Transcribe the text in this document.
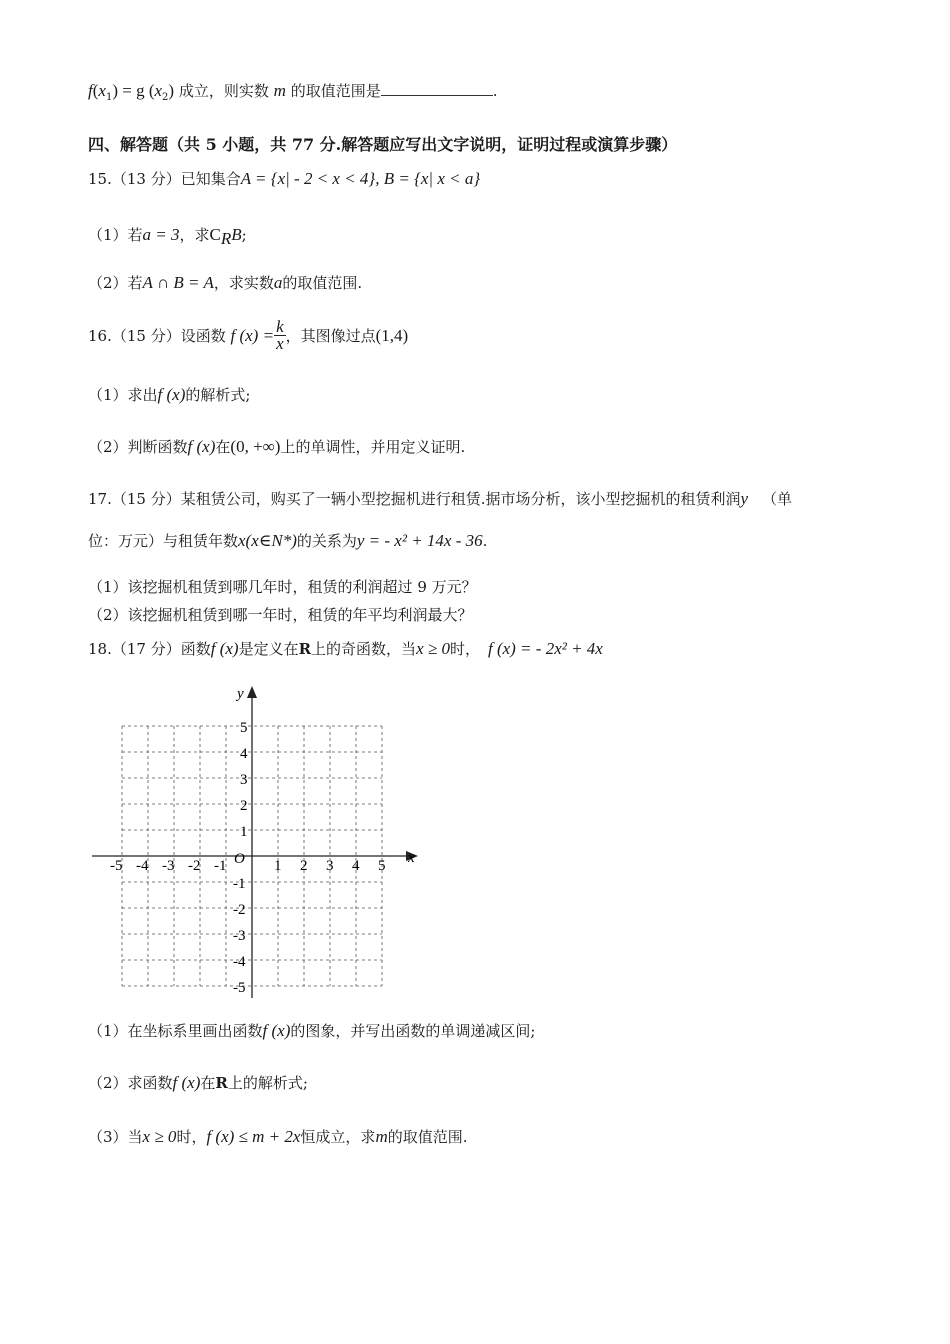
$f(x_1) = g$ $(x_2)$ 成立，则实数 m 的取值范围是	.
四、解答题（共 5 小题，共 77 分.解答题应写出文字说明，证明过程或演算步骤）
15.（13 分）已知集合A = {x| - 2 < x < 4}, B = {x| x < a}
（1）若a = 3，求$C_RB$;
（2）若A ∩ B = A，求实数a的取值范围.
16.（15 分）设函数 f $(x) = \frac{k}{x}$ ，其图像过点(1,4)
（1）求出f (x)的解析式;
（2）判断函数f (x)在(0, +∞)上的单调性，并用定义证明.
17.（15 分）某租赁公司，购买了一辆小型挖掘机进行租赁.据市场分析，该小型挖掘机的租赁利润y （单
位：万元）与租赁年数x(x∈N*)的关系为y = - x² + 14x - 36.
（1）该挖掘机租赁到哪几年时，租赁的利润超过 9 万元？
（2）该挖掘机租赁到哪一年时，租赁的年平均利润最大？
18.（17 分）函数f (x)是定义在R上的奇函数，当x ≥ 0时， f (x) = - 2x² + 4x
x
y
O
-5 -4 -3 -2 -1	1 2 3 4 5
5
4
3
2
1
-1
-2
-3
-4
-5
（1）在坐标系里画出函数f (x)的图象，并写出函数的单调递减区间;
（2）求函数f (x)在R上的解析式;
（3）当x ≥ 0时，f (x) ≤ m + 2x恒成立，求m的取值范围.
